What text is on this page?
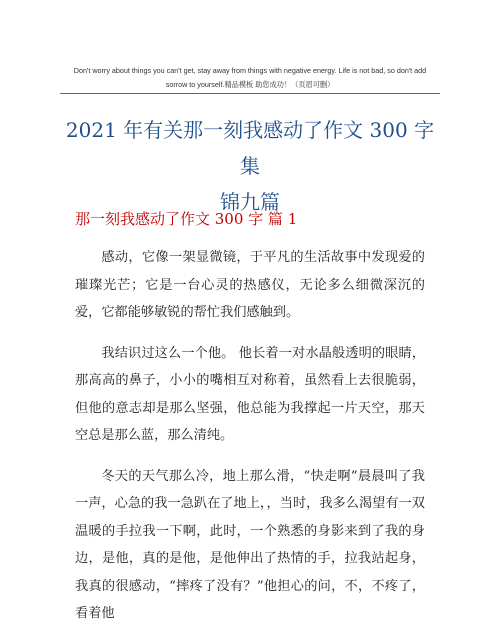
Don't worry about things you can't get, stay away from things with negative energy. Life is not bad, so don't add
sorrow to yourself.精品模板 助您成功！（页眉可删）
2021 年有关那一刻我感动了作文 300 字集
锦九篇
那一刻我感动了作文 300 字 篇 1

感动，它像一架显微镜，于平凡的生活故事中发现爱的璀璨光芒；它是一台心灵的热感仪，无论多么细微深沉的爱，它都能够敏锐的帮忙我们感触到。

我结识过这么一个他。 他长着一对水晶般透明的眼睛，那高高的鼻子，小小的嘴相互对称着，虽然看上去很脆弱，但他的意志却是那么坚强，他总能为我撑起一片天空，那天空总是那么蓝，那么清纯。

冬天的天气那么冷，地上那么滑，“快走啊”晨晨叫了我一声，心急的我一急趴在了地上，，当时，我多么渴望有一双温暖的手拉我一下啊，此时，一个熟悉的身影来到了我的身边，是他，真的是他，是他伸出了热情的手，拉我站起身，我真的很感动，“摔疼了没有？”他担心的问，不，不疼了，看着他
